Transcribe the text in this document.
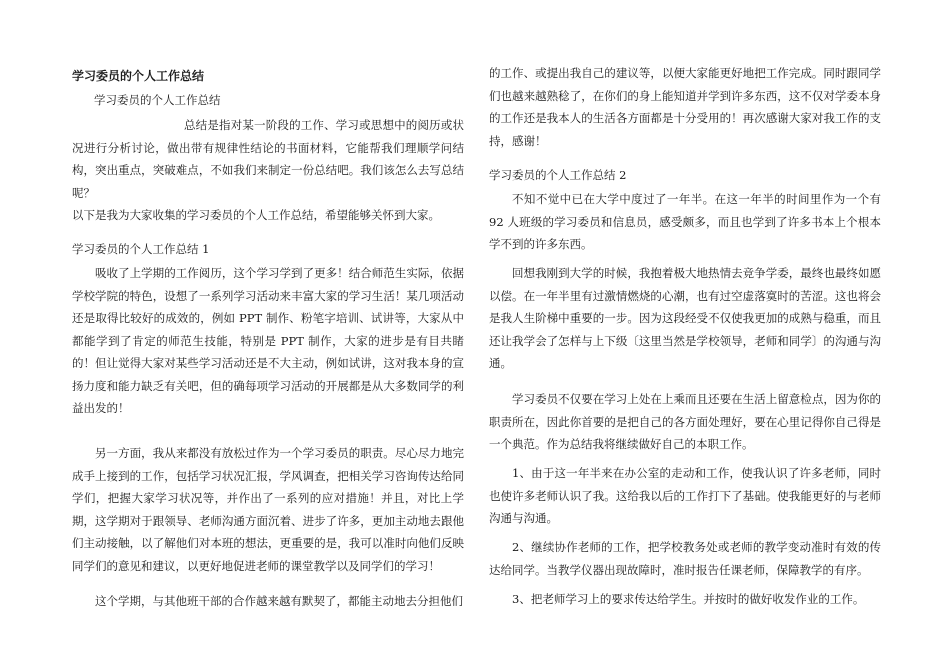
学习委员的个人工作总结
学习委员的个人工作总结

总结是指对某一阶段的工作、学习或思想中的阅历或状况进行分析讨论，做出带有规律性结论的书面材料，它能帮我们理顺学问结构，突出重点，突破难点，不如我们来制定一份总结吧。我们该怎么去写总结呢？

以下是我为大家收集的学习委员的个人工作总结，希望能够关怀到大家。

学习委员的个人工作总结 1

吸收了上学期的工作阅历，这个学习学到了更多！结合师范生实际，依据学校学院的特色，设想了一系列学习活动来丰富大家的学习生活！某几项活动还是取得比较好的成效的，例如 PPT 制作、粉笔字培训、试讲等，大家从中都能学到了肯定的师范生技能，特别是 PPT 制作，大家的进步是有目共睹的！但让觉得大家对某些学习活动还是不大主动，例如试讲，这对我本身的宣扬力度和能力缺乏有关吧，但的确每项学习活动的开展都是从大多数同学的利益出发的！

另一方面，我从来都没有放松过作为一个学习委员的职责。尽心尽力地完成手上接到的工作，包括学习状况汇报，学风调查，把相关学习咨询传达给同学们，把握大家学习状况等，并作出了一系列的应对措施！并且，对比上学期，这学期对于跟领导、老师沟通方面沉着、进步了许多，更加主动地去跟他们主动接触，以了解他们对本班的想法，更重要的是，我可以准时向他们反映同学们的意见和建议，以更好地促进老师的课堂教学以及同学们的学习！

这个学期，与其他班干部的合作越来越有默契了，都能主动地去分担他们

的工作、或提出我自己的建议等，以便大家能更好地把工作完成。同时跟同学们也越来越熟稔了，在你们的身上能知道并学到许多东西，这不仅对学委本身的工作还是我本人的生活各方面都是十分受用的！再次感谢大家对我工作的支持，感谢！

学习委员的个人工作总结 2

不知不觉中已在大学中度过了一年半。在这一年半的时间里作为一个有 92 人班级的学习委员和信息员，感受颇多，而且也学到了许多书本上个根本学不到的许多东西。

回想我刚到大学的时候，我抱着极大地热情去竞争学委，最终也最终如愿以偿。在一年半里有过激情燃烧的心潮，也有过空虚落寞时的苦涩。这也将会是我人生阶梯中重要的一步。因为这段经受不仅使我更加的成熟与稳重，而且还让我学会了怎样与上下级〔这里当然是学校领导，老师和同学〕的沟通与沟通。

学习委员不仅要在学习上处在上乘而且还要在生活上留意检点，因为你的职责所在，因此你首要的是把自己的各方面处理好，要在心里记得你自己得是一个典范。作为总结我将继续做好自己的本职工作。

1、由于这一年半来在办公室的走动和工作，使我认识了许多老师，同时也使许多老师认识了我。这给我以后的工作打下了基础。使我能更好的与老师沟通与沟通。

2、继续协作老师的工作，把学校教务处或老师的教学变动准时有效的传达给同学。当教学仪器出现故障时，准时报告任课老师，保障教学的有序。

3、把老师学习上的要求传达给学生。并按时的做好收发作业的工作。
